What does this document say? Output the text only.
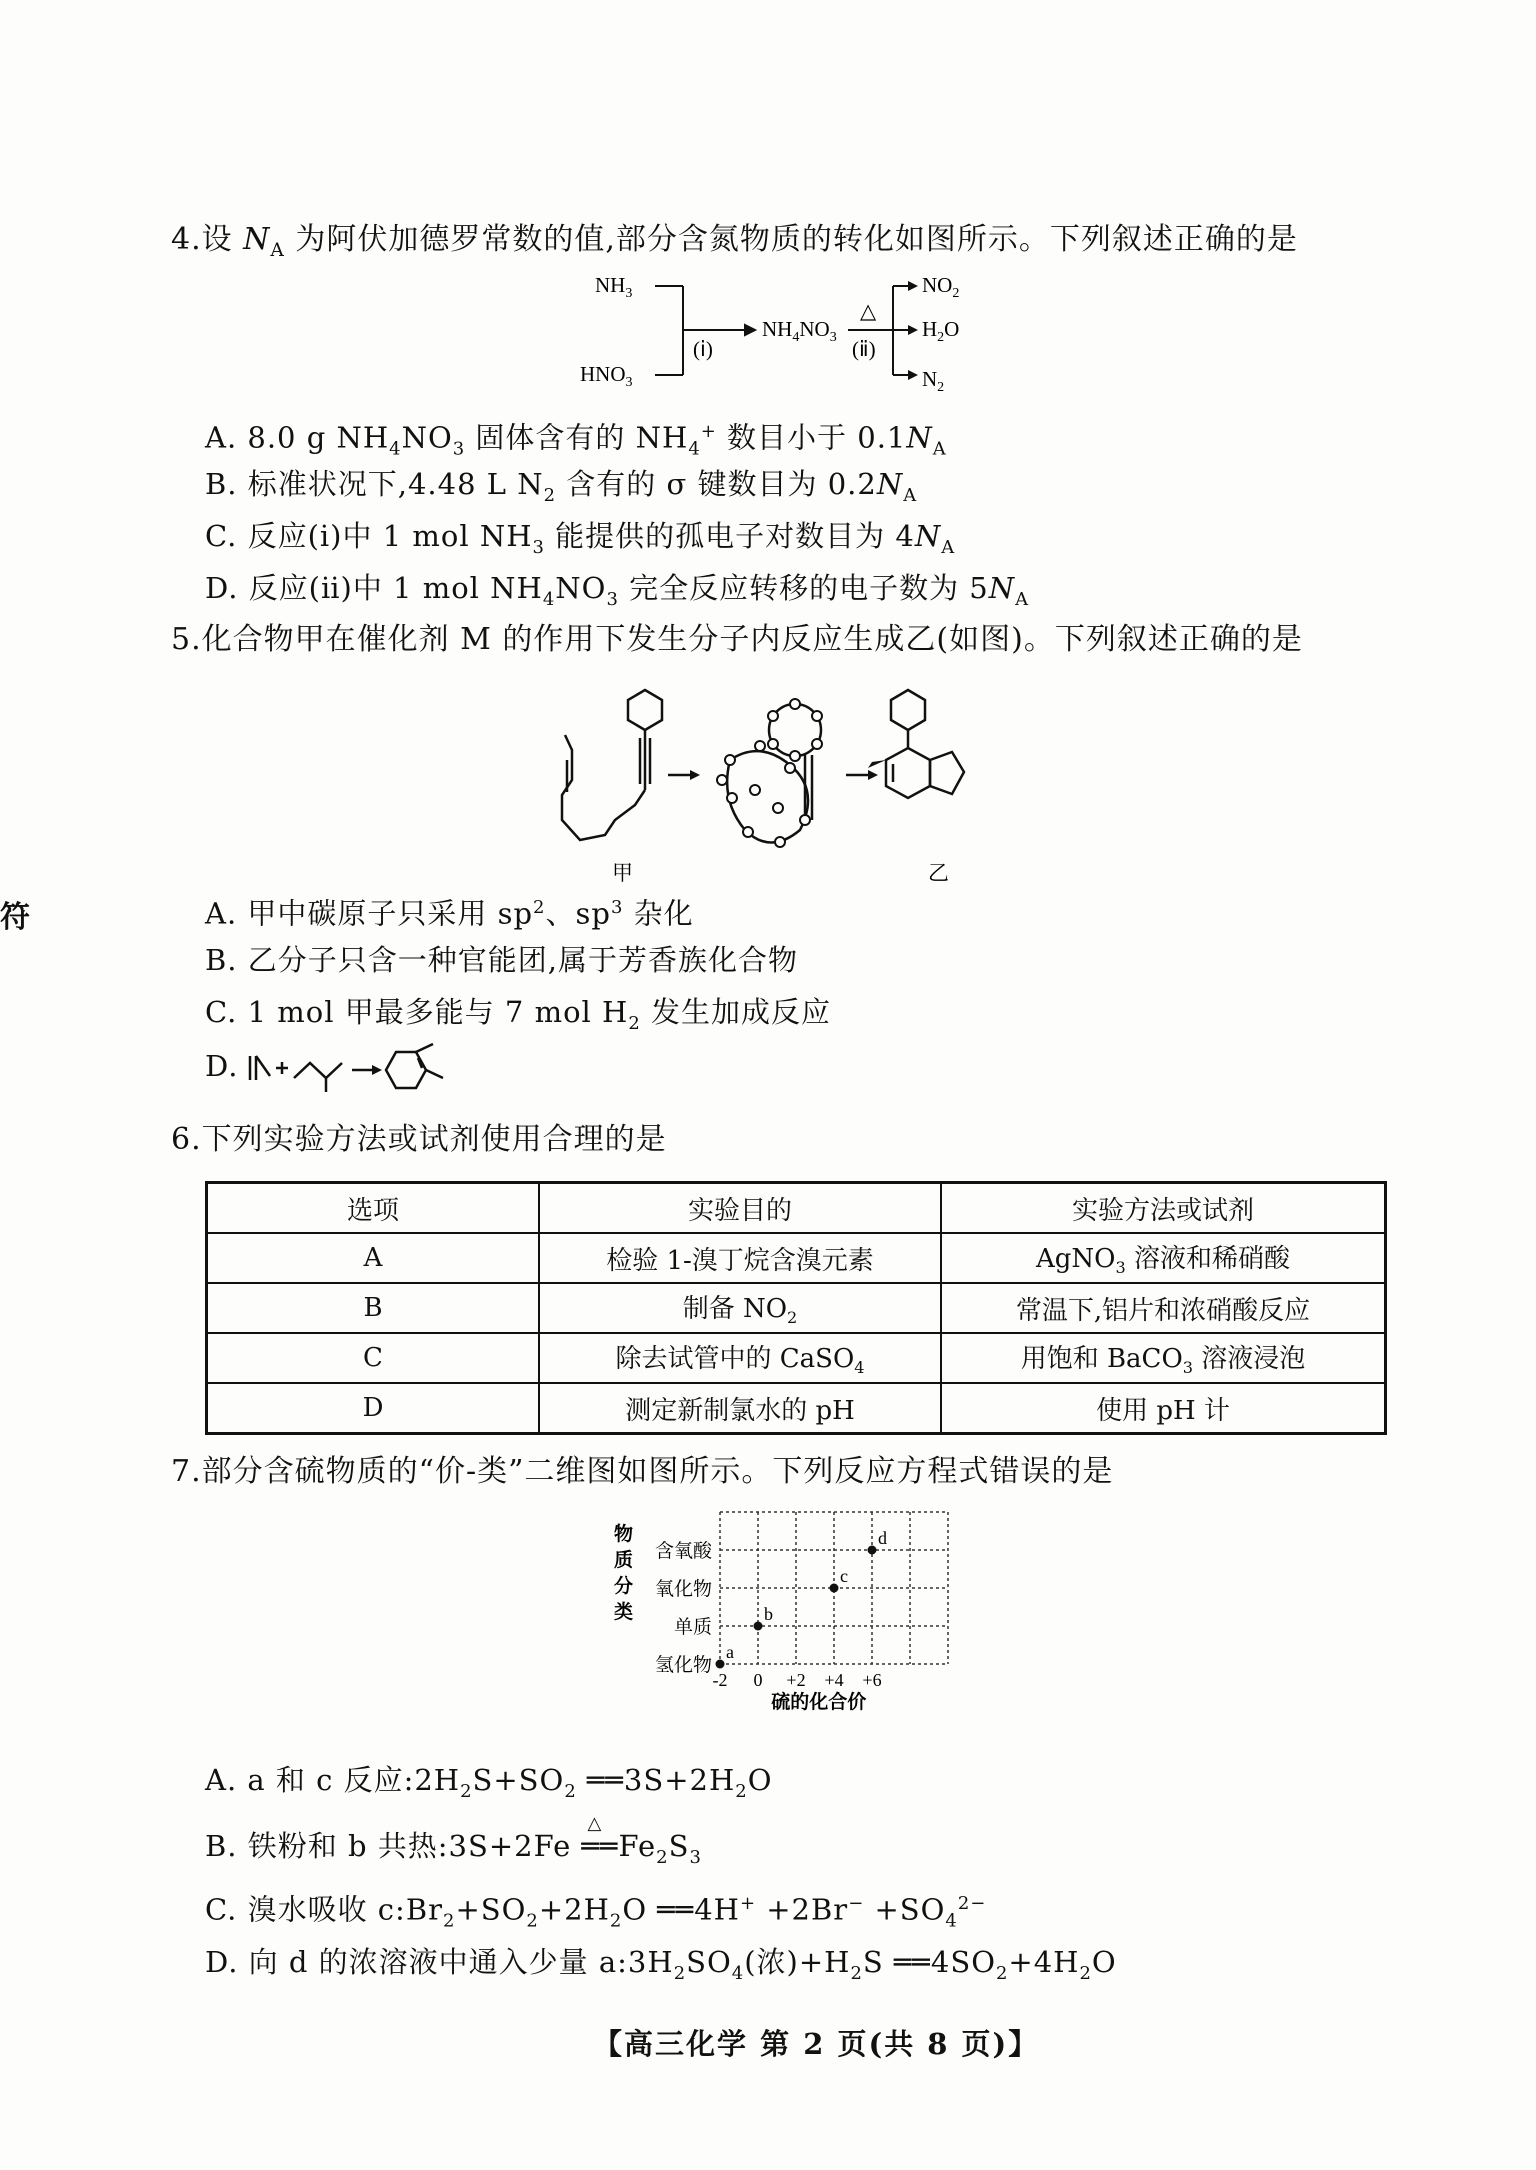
符
4.设 $N_A$ 为阿伏加德罗常数的值,部分含氮物质的转化如图所示。下列叙述正确的是
$NH_3$
$HNO_3$
(ⅰ)
$NH_4NO_3$
△
(ⅱ)
$NO_2$
$H_2O$
$N_2$
A. 8.0 g $NH_4NO_3$ 固体含有的 $NH_4^+$ 数目小于 $0.1N_A$
B. 标准状况下,4.48 L $N_2$ 含有的 σ 键数目为 $0.2N_A$
C. 反应(ⅰ)中 1 mol $NH_3$ 能提供的孤电子对数目为 $4N_A$
D. 反应(ⅱ)中 1 mol $NH_4NO_3$ 完全反应转移的电子数为 $5N_A$
5.化合物甲在催化剂 M 的作用下发生分子内反应生成乙(如图)。下列叙述正确的是
甲	乙
A. 甲中碳原子只采用 $sp^2$、$sp^3$ 杂化
B. 乙分子只含一种官能团,属于芳香族化合物
C. 1 mol 甲最多能与 7 mol $H_2$ 发生加成反应
D.
6.下列实验方法或试剂使用合理的是
选项	实验目的	实验方法或试剂
A	检验 1-溴丁烷含溴元素	AgNO$_3$ 溶液和稀硝酸
B	制备 $NO_2$	常温下,铝片和浓硝酸反应
C	除去试管中的 CaSO$_4$	用饱和 BaCO$_3$ 溶液浸泡
D	测定新制氯水的 pH	使用 pH 计
7.部分含硫物质的“价-类”二维图如图所示。下列反应方程式错误的是
含氧酸
氧化物
单质
氢化物
物
质
分
类
-2 0 +2 +4 +6
硫的化合价
a
b
c
d
A. a 和 c 反应$:2H_2S+SO_2$ $══3S+2H_2O$
B. 铁粉和 b 共热:3S+2Fe
△
$══Fe_2S_3$
C. 溴水吸收 $c:Br_2+SO_2+2H_2O$ ══4H+ $+2Br^- +SO_4^{2-}$
D. 向 d 的浓溶液中通入少量 $a:3H_2SO_4$(浓)$+H_2S$ $══4SO_2+4H_2O$
【高三化学 第 2 页(共 8 页)】
